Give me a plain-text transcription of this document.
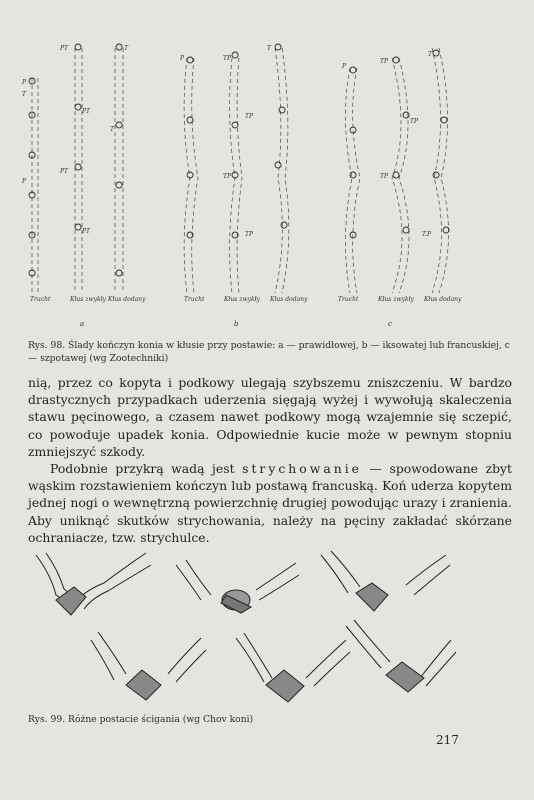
P
T
PT	T
PT
T
PT
P
PT
P	TP
T
TP
TP
TP
P
TP
T
TP
TP
T.P
Trucht	Kłus zwykły Kłus dodany
a
Trucht	Kłus zwykły Kłus dodany
b
Trucht	Kłus zwykły Kłus dodany
c
Rys. 98. Ślady kończyn konia w kłusie przy postawie: a — prawidłowej, b — iksowatej lub francuskiej, c — szpotawej (wg Zootechniki)

nią, przez co kopyta i podkowy ulegają szybszemu zniszczeniu. W bardzo drastycznych przypadkach uderzenia sięgają wyżej i wywołują skaleczenia stawu pęcinowego, a czasem nawet podkowy mogą wzajemnie się sczepić, co powoduje upadek konia. Odpowiednie kucie może w pewnym stopniu zmniejszyć szkody.

Podobnie przykrą wadą jest strychowanie — spowodowane zbyt wąskim rozstawieniem kończyn lub postawą francuską. Koń uderza kopytem jednej nogi o wewnętrzną powierzchnię drugiej powodując urazy i zranienia. Aby uniknąć skutków strychowania, należy na pęciny zakładać skórzane ochraniacze, tzw. strychulce.

Rys. 99. Różne postacie ścigania (wg Chov koni)
217
